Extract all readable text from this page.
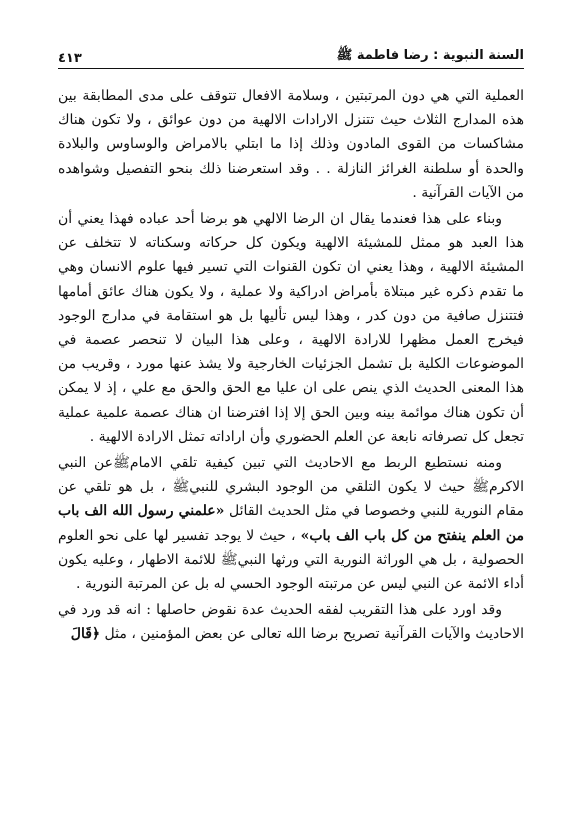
السنة النبوية : رضا فاطمة ﷺ
٤١٣

العملية التي هي دون المرتبتين ، وسلامة الافعال تتوقف على مدى المطابقة بين هذه المدارج الثلاث حيث تتنزل الارادات الالهية من دون عوائق ، ولا تكون هناك مشاكسات من القوى المادون وذلك إذا ما ابتلي بالامراض والوساوس والبلادة والحدة أو سلطنة الغرائز النازلة . . وقد استعرضنا ذلك بنحو التفصيل وشواهده من الآيات القرآنية .

وبناء على هذا فعندما يقال ان الرضا الالهي هو برضا أحد عباده فهذا يعني أن هذا العبد هو ممثل للمشيئة الالهية ويكون كل حركاته وسكناته لا تتخلف عن المشيئة الالهية ، وهذا يعني ان تكون القنوات التي تسير فيها علوم الانسان وهي ما تقدم ذكره غير مبتلاة بأمراض ادراكية ولا عملية ، ولا يكون هناك عائق أمامها فتتنزل صافية من دون كدر ، وهذا ليس تأليها بل هو استقامة في مدارج الوجود فيخرج العمل مظهرا للارادة الالهية ، وعلى هذا البيان لا تنحصر عصمة في الموضوعات الكلية بل تشمل الجزئيات الخارجية ولا يشذ عنها مورد ، وقريب من هذا المعنى الحديث الذي ينص على ان عليا مع الحق والحق مع علي ، إذ لا يمكن أن تكون هناك موائمة بينه وبين الحق إلا إذا افترضنا ان هناك عصمة علمية عملية تجعل كل تصرفاته نابعة عن العلم الحضوري وأن اراداته تمثل الارادة الالهية .

ومنه نستطيع الربط مع الاحاديث التي تبين كيفية تلقي الامامﷺعن النبي الاكرمﷺ حيث لا يكون التلقي من الوجود البشري للنبيﷺ ، بل هو تلقي عن مقام النورية للنبي وخصوصا في مثل الحديث القائل «علمني رسول الله الف باب من العلم ينفتح من كل باب الف باب» ، حيث لا يوجد تفسير لها على نحو العلوم الحصولية ، بل هي الوراثة النورية التي ورثها النبيﷺ للائمة الاطهار ، وعليه يكون أداء الائمة عن النبي ليس عن مرتبته الوجود الحسي له بل عن المرتبة النورية .

وقد اورد على هذا التقريب لفقه الحديث عدة نقوض حاصلها : انه قد ورد في الاحاديث والآيات القرآنية تصريح برضا الله تعالى عن بعض المؤمنين ، مثل ﴿قَالَ
